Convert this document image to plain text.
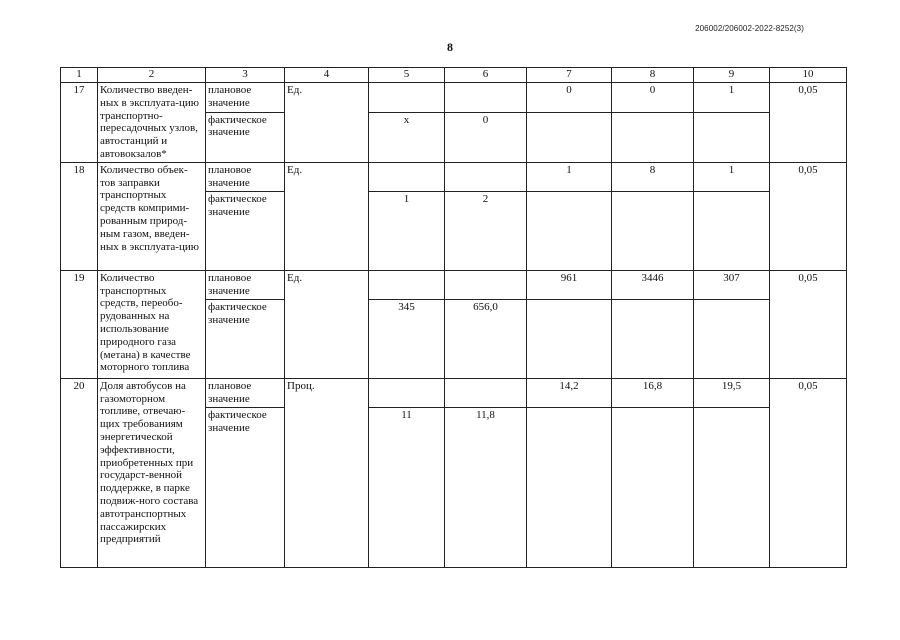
206002/206002-2022-8252(3)
8
1	2	3	4	5	6	7	8	9	10
17	Количество введен-ных в эксплуата-цию транспортно-пересадочных узлов, автостанций и автовокзалов*	плановое значение	Ед.			0	0	1	0,05
		фактическое значение		x	0				
18	Количество объек-тов заправки транспортных средств комприми-рованным природ-ным газом, введен-ных в эксплуата-цию	плановое значение	Ед.			1	8	1	0,05
		фактическое значение		1	2				
19	Количество транспортных средств, переобо-рудованных на использование природного газа (метана) в качестве моторного топлива	плановое значение	Ед.			961	3446	307	0,05
		фактическое значение		345	656,0				
20	Доля автобусов на газомоторном топливе, отвечаю-щих требованиям энергетической эффективности, приобретенных при государст-венной поддержке, в парке подвиж-ного состава автотранспортных пассажирских предприятий	плановое значение	Проц.			14,2	16,8	19,5	0,05
		фактическое значение		11	11,8				
